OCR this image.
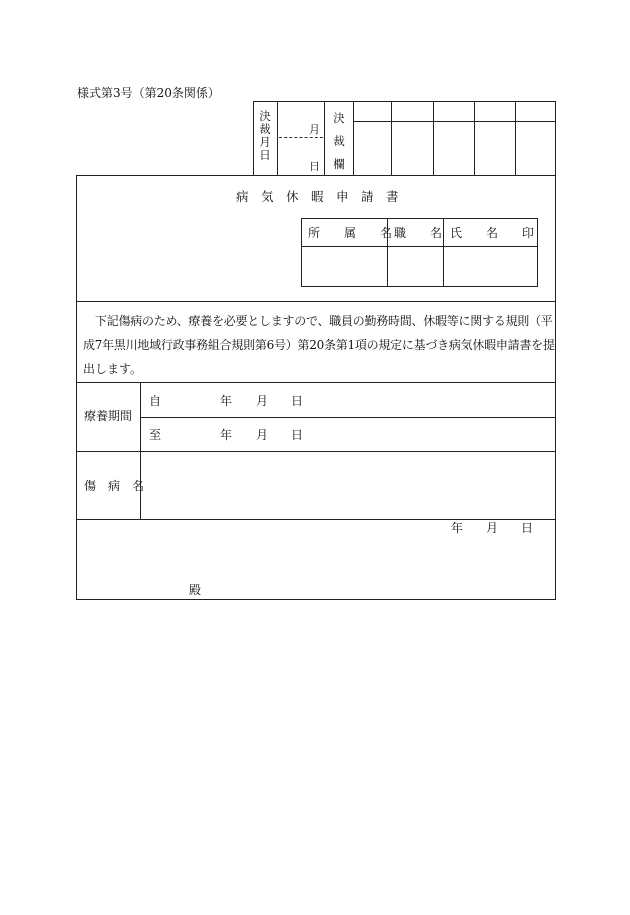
様式第3号（第20条関係）
決
裁
月
日
月
日
決
裁
欄
病　気　休　暇　申　請　書
所　　属　　名 職　　名 氏　　名　　印
下記傷病のため、療養を必要としますので、職員の勤務時間、休暇等に関する規則（平
成7年黒川地域行政事務組合規則第6号）第20条第1項の規定に基づき病気休暇申請書を提
出します。
療養期間
自	年 月 日
至	年 月 日
傷　病　名
年 月 日
殿
